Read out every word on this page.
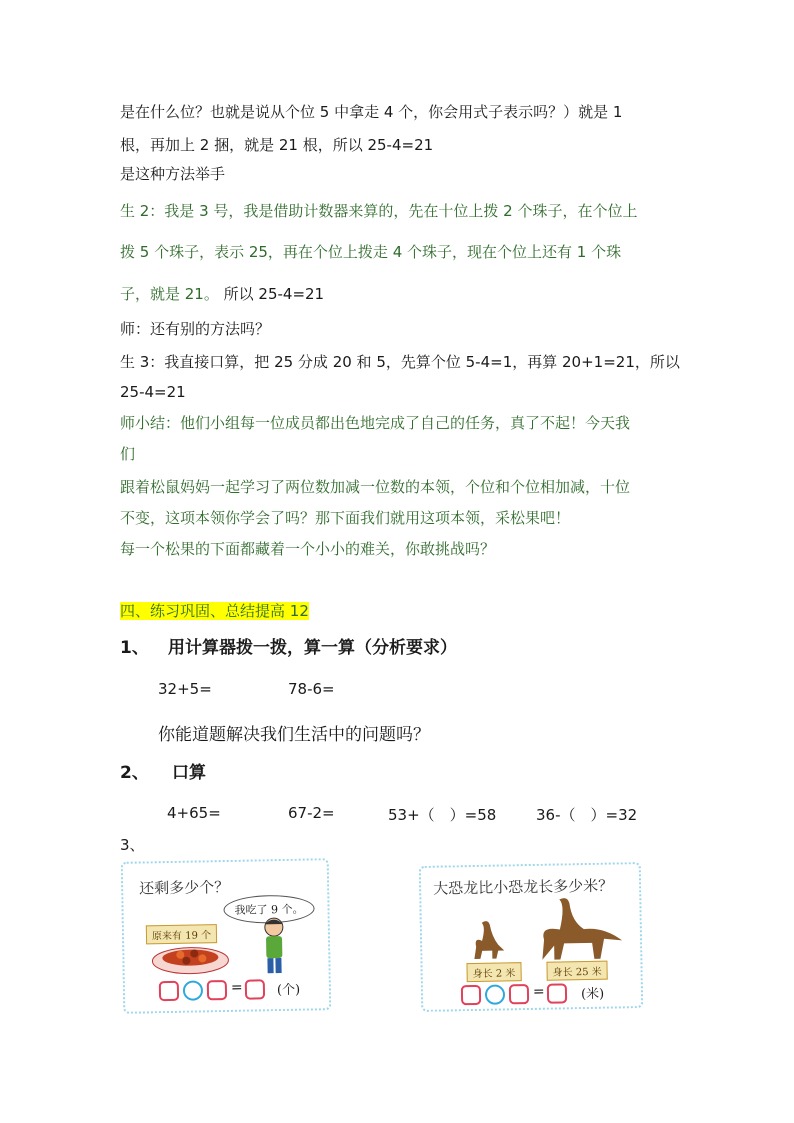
是在什么位？也就是说从个位 5 中拿走 4 个，你会用式子表示吗？）就是 1
根，再加上 2 捆，就是 21 根，所以 25-4=21
是这种方法举手
生 2：我是 3 号，我是借助计数器来算的，先在十位上拨 2 个珠子，在个位上
拨 5 个珠子，表示 25，再在个位上拨走 4 个珠子，现在个位上还有 1 个珠
子，就是 21。 所以 25-4=21
师：还有别的方法吗？
生 3：我直接口算，把 25 分成 20 和 5，先算个位 5-4=1，再算 20+1=21，所以
25-4=21
师小结：他们小组每一位成员都出色地完成了自己的任务，真了不起！今天我
们
跟着松鼠妈妈一起学习了两位数加减一位数的本领，个位和个位相加减，十位
不变，这项本领你学会了吗？那下面我们就用这项本领，采松果吧！
每一个松果的下面都藏着一个小小的难关，你敢挑战吗？
四、练习巩固、总结提高 12
1、 用计算器拨一拨，算一算（分析要求）
32+5=	78-6=
你能道题解决我们生活中的问题吗？
2、 口算
4+65=	67-2=	53+（　）=58	36-（　）=32
3、
还剩多少个？
我吃了 9 个。
原来有 19 个
=	(个)
大恐龙比小恐龙长多少米？
身长 2 米	身长 25 米
=	(米)
